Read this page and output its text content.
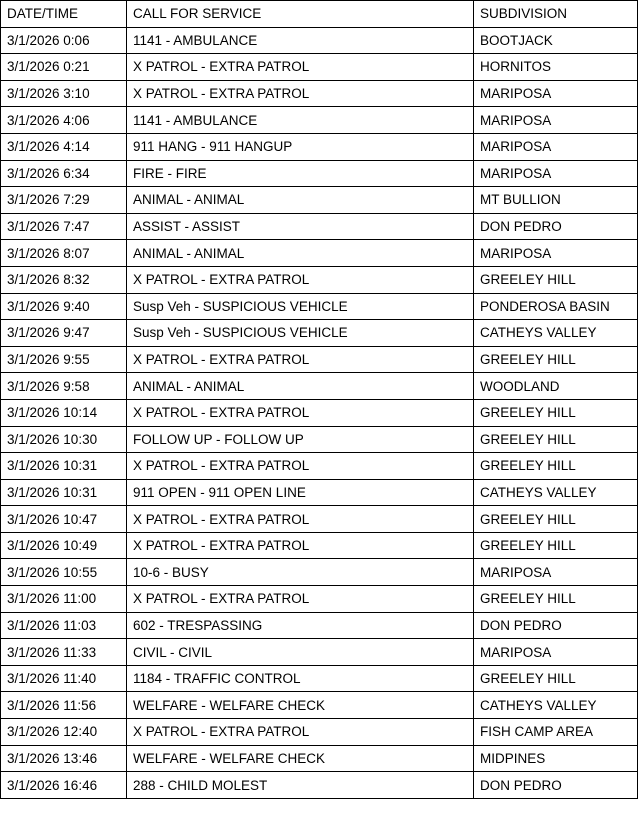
DATE/TIME	CALL FOR SERVICE	SUBDIVISION
3/1/2026 0:06	1141 - AMBULANCE	BOOTJACK
3/1/2026 0:21	X PATROL - EXTRA PATROL	HORNITOS
3/1/2026 3:10	X PATROL - EXTRA PATROL	MARIPOSA
3/1/2026 4:06	1141 - AMBULANCE	MARIPOSA
3/1/2026 4:14	911 HANG - 911 HANGUP	MARIPOSA
3/1/2026 6:34	FIRE - FIRE	MARIPOSA
3/1/2026 7:29	ANIMAL - ANIMAL	MT BULLION
3/1/2026 7:47	ASSIST - ASSIST	DON PEDRO
3/1/2026 8:07	ANIMAL - ANIMAL	MARIPOSA
3/1/2026 8:32	X PATROL - EXTRA PATROL	GREELEY HILL
3/1/2026 9:40	Susp Veh - SUSPICIOUS VEHICLE	PONDEROSA BASIN
3/1/2026 9:47	Susp Veh - SUSPICIOUS VEHICLE	CATHEYS VALLEY
3/1/2026 9:55	X PATROL - EXTRA PATROL	GREELEY HILL
3/1/2026 9:58	ANIMAL - ANIMAL	WOODLAND
3/1/2026 10:14	X PATROL - EXTRA PATROL	GREELEY HILL
3/1/2026 10:30	FOLLOW UP - FOLLOW UP	GREELEY HILL
3/1/2026 10:31	X PATROL - EXTRA PATROL	GREELEY HILL
3/1/2026 10:31	911 OPEN - 911 OPEN LINE	CATHEYS VALLEY
3/1/2026 10:47	X PATROL - EXTRA PATROL	GREELEY HILL
3/1/2026 10:49	X PATROL - EXTRA PATROL	GREELEY HILL
3/1/2026 10:55	10-6 - BUSY	MARIPOSA
3/1/2026 11:00	X PATROL - EXTRA PATROL	GREELEY HILL
3/1/2026 11:03	602 - TRESPASSING	DON PEDRO
3/1/2026 11:33	CIVIL - CIVIL	MARIPOSA
3/1/2026 11:40	1184 - TRAFFIC CONTROL	GREELEY HILL
3/1/2026 11:56	WELFARE - WELFARE CHECK	CATHEYS VALLEY
3/1/2026 12:40	X PATROL - EXTRA PATROL	FISH CAMP AREA
3/1/2026 13:46	WELFARE - WELFARE CHECK	MIDPINES
3/1/2026 16:46	288 - CHILD MOLEST	DON PEDRO
